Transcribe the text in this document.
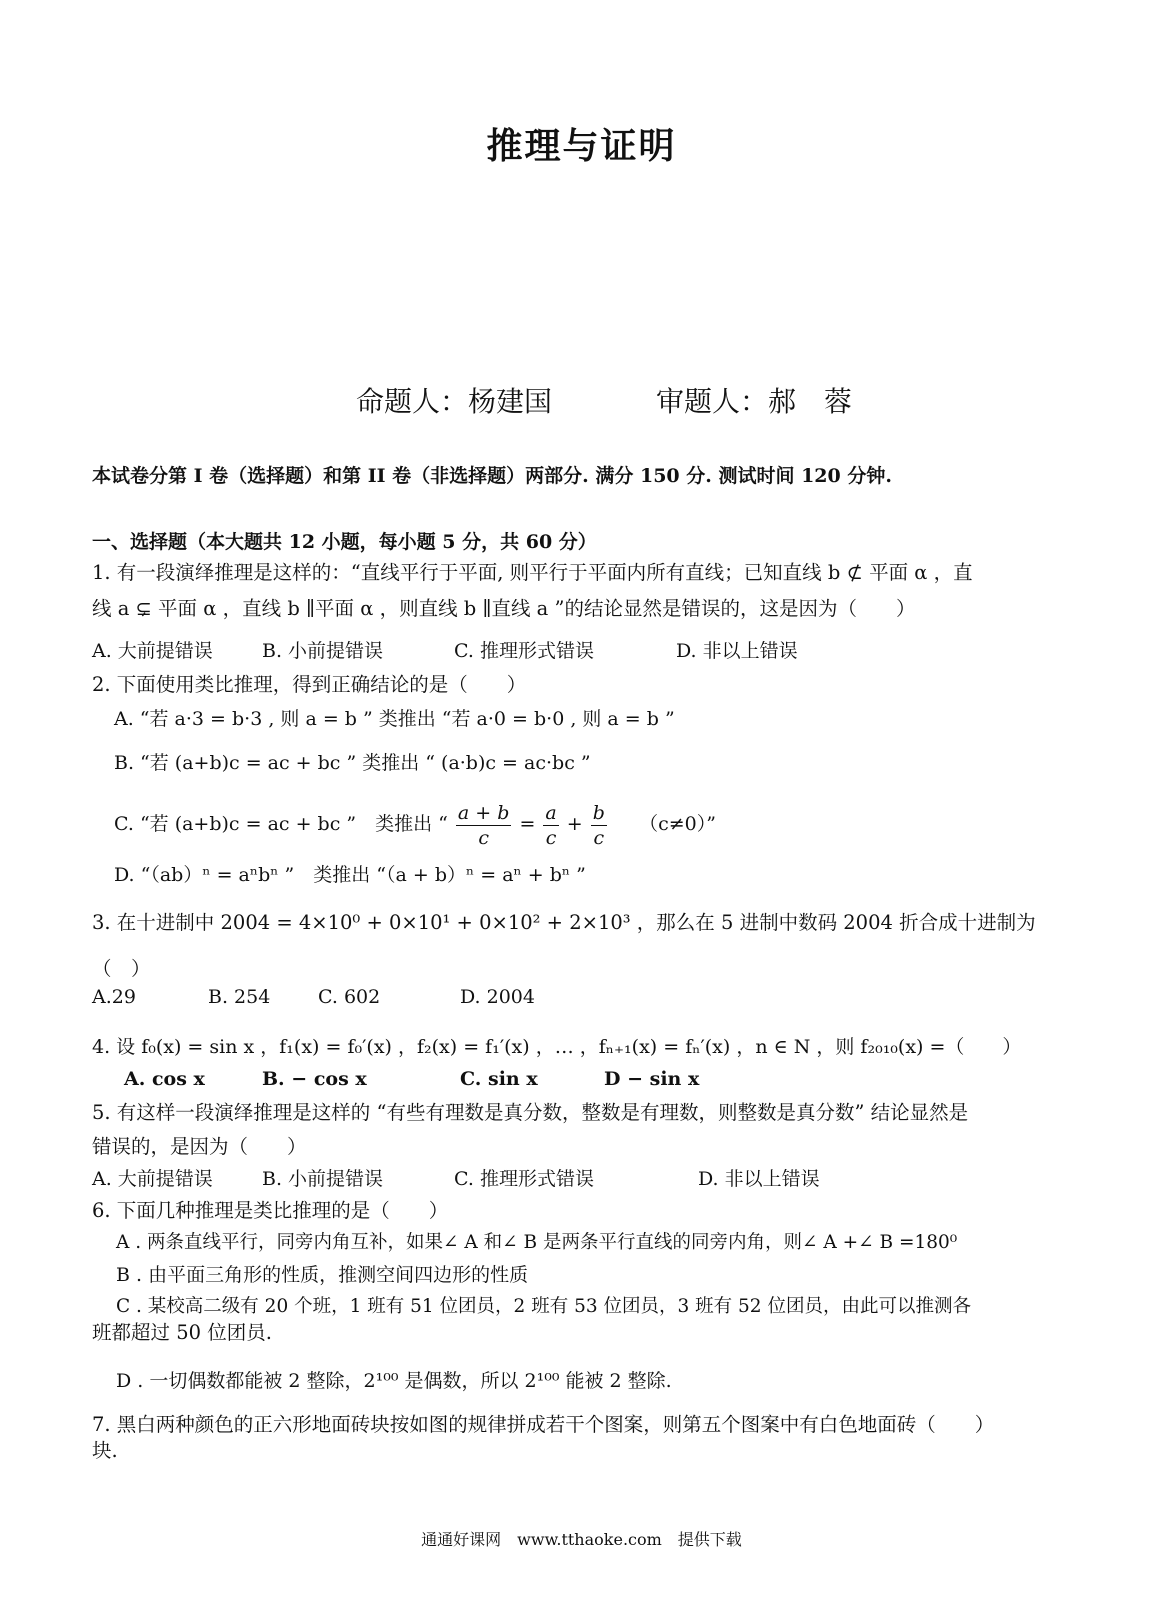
推理与证明
命题人：杨建国	审题人：郝　蓉
本试卷分第 I 卷（选择题）和第 II 卷（非选择题）两部分. 满分 150 分. 测试时间 120 分钟.
一、选择题（本大题共 12 小题，每小题 5 分，共 60 分）
1. 有一段演绎推理是这样的：“直线平行于平面, 则平行于平面内所有直线；已知直线 b ⊄ 平面 α ，直
线 a ⊊ 平面 α ，直线 b ∥平面 α ，则直线 b ∥直线 a ”的结论显然是错误的，这是因为（　　）
A. 大前提错误	B. 小前提错误	C. 推理形式错误	D. 非以上错误
2. 下面使用类比推理，得到正确结论的是（　　）
A. “若 a·3 = b·3 , 则 a = b ” 类推出 “若 a·0 = b·0 , 则 a = b ”
B. “若 (a+b)c = ac + bc ” 类推出 “ (a·b)c = ac·bc ”
C. “若 (a+b)c = ac + bc ”　类推出 “ $\frac{a + b}{c} = \frac{a}{c} + \frac{b}{c} (c\ne 0)$”
D. “（ab）ⁿ = aⁿbⁿ ”　类推出 “（a + b）ⁿ = aⁿ + bⁿ ”
3. 在十进制中 2004 = 4×10⁰ + 0×10¹ + 0×10² + 2×10³ ，那么在 5 进制中数码 2004 折合成十进制为
（　）
A.29	B. 254	C. 602	D. 2004
4. 设 f₀(x) = sin x ，f₁(x) = f₀′(x) ，f₂(x) = f₁′(x) ，… ，fₙ₊₁(x) = fₙ′(x) ，n ∈ N ，则 f₂₀₁₀(x) =（　　）
A. cos x	B. − cos x	C. sin x	D − sin x
5. 有这样一段演绎推理是这样的 “有些有理数是真分数，整数是有理数，则整数是真分数” 结论显然是
错误的，是因为（　　）
A. 大前提错误	B. 小前提错误	C. 推理形式错误	D. 非以上错误
6. 下面几种推理是类比推理的是（　　）
A . 两条直线平行，同旁内角互补，如果∠ A 和∠ B 是两条平行直线的同旁内角，则∠ A +∠ B =180⁰
B . 由平面三角形的性质，推测空间四边形的性质
C . 某校高二级有 20 个班，1 班有 51 位团员，2 班有 53 位团员，3 班有 52 位团员，由此可以推测各
班都超过 50 位团员.
D . 一切偶数都能被 2 整除，2¹⁰⁰ 是偶数，所以 2¹⁰⁰ 能被 2 整除.
7. 黑白两种颜色的正六形地面砖块按如图的规律拼成若干个图案，则第五个图案中有白色地面砖（　　）
块.
通通好课网　www.tthaoke.com　提供下载
